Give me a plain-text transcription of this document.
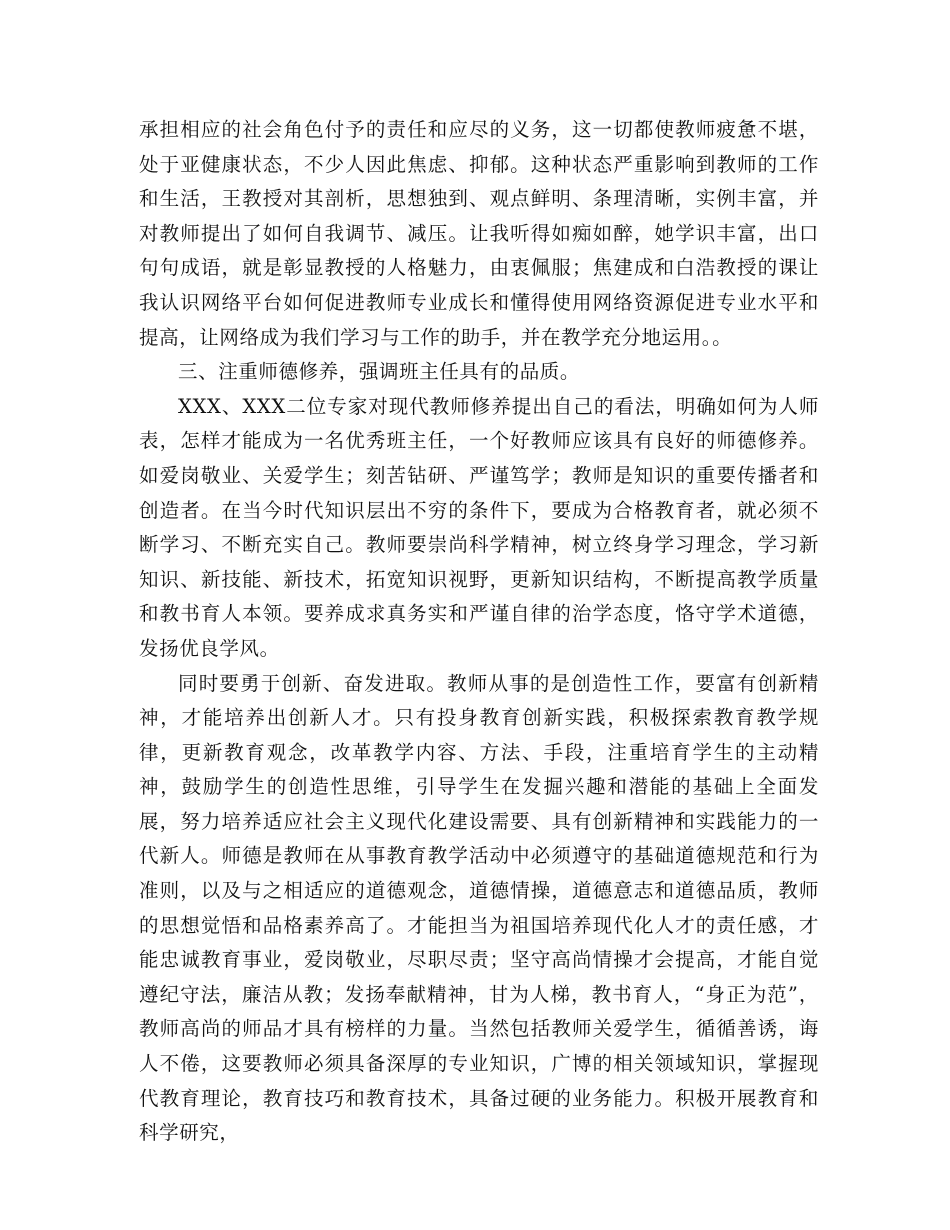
承担相应的社会角色付予的责任和应尽的义务，这一切都使教师疲惫不堪，处于亚健康状态，不少人因此焦虑、抑郁。这种状态严重影响到教师的工作和生活，王教授对其剖析，思想独到、观点鲜明、条理清晰，实例丰富，并对教师提出了如何自我调节、减压。让我听得如痴如醉，她学识丰富，出口句句成语，就是彰显教授的人格魅力，由衷佩服；焦建成和白浩教授的课让我认识网络平台如何促进教师专业成长和懂得使用网络资源促进专业水平和提高，让网络成为我们学习与工作的助手，并在教学充分地运用。。

三、注重师德修养，强调班主任具有的品质。

XXX、XXX二位专家对现代教师修养提出自己的看法，明确如何为人师表，怎样才能成为一名优秀班主任，一个好教师应该具有良好的师德修养。如爱岗敬业、关爱学生；刻苦钻研、严谨笃学；教师是知识的重要传播者和创造者。在当今时代知识层出不穷的条件下，要成为合格教育者，就必须不断学习、不断充实自己。教师要崇尚科学精神，树立终身学习理念，学习新知识、新技能、新技术，拓宽知识视野，更新知识结构，不断提高教学质量和教书育人本领。要养成求真务实和严谨自律的治学态度，恪守学术道德，发扬优良学风。

同时要勇于创新、奋发进取。教师从事的是创造性工作，要富有创新精神，才能培养出创新人才。只有投身教育创新实践，积极探索教育教学规律，更新教育观念，改革教学内容、方法、手段，注重培育学生的主动精神，鼓励学生的创造性思维，引导学生在发掘兴趣和潜能的基础上全面发展，努力培养适应社会主义现代化建设需要、具有创新精神和实践能力的一代新人。师德是教师在从事教育教学活动中必须遵守的基础道德规范和行为准则，以及与之相适应的道德观念，道德情操，道德意志和道德品质，教师的思想觉悟和品格素养高了。才能担当为祖国培养现代化人才的责任感，才能忠诚教育事业，爱岗敬业，尽职尽责；坚守高尚情操才会提高，才能自觉遵纪守法，廉洁从教；发扬奉献精神，甘为人梯，教书育人，“身正为范”，教师高尚的师品才具有榜样的力量。当然包括教师关爱学生，循循善诱，诲人不倦，这要教师必须具备深厚的专业知识，广博的相关领域知识，掌握现代教育理论，教育技巧和教育技术，具备过硬的业务能力。积极开展教育和科学研究，
